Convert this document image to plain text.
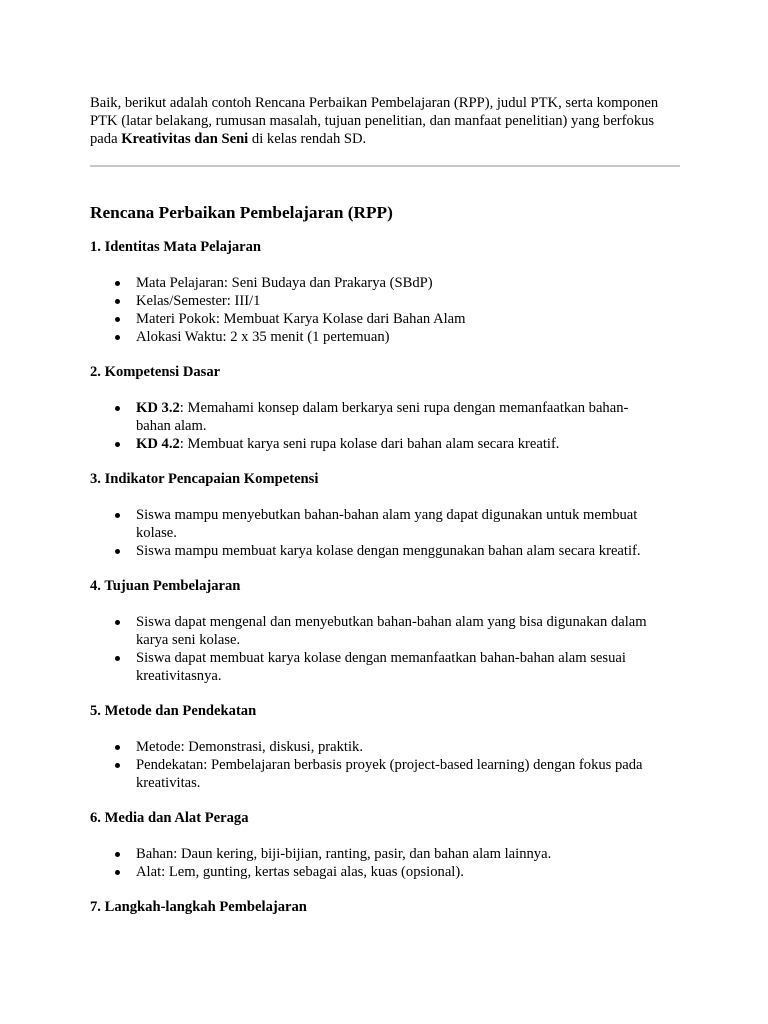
Baik, berikut adalah contoh Rencana Perbaikan Pembelajaran (RPP), judul PTK, serta komponen PTK (latar belakang, rumusan masalah, tujuan penelitian, dan manfaat penelitian) yang berfokus pada Kreativitas dan Seni di kelas rendah SD.

Rencana Perbaikan Pembelajaran (RPP)
1. Identitas Mata Pelajaran
Mata Pelajaran: Seni Budaya dan Prakarya (SBdP)
Kelas/Semester: III/1
Materi Pokok: Membuat Karya Kolase dari Bahan Alam
Alokasi Waktu: 2 x 35 menit (1 pertemuan)
2. Kompetensi Dasar
KD 3.2: Memahami konsep dalam berkarya seni rupa dengan memanfaatkan bahan-bahan alam.
KD 4.2: Membuat karya seni rupa kolase dari bahan alam secara kreatif.
3. Indikator Pencapaian Kompetensi
Siswa mampu menyebutkan bahan-bahan alam yang dapat digunakan untuk membuat kolase.
Siswa mampu membuat karya kolase dengan menggunakan bahan alam secara kreatif.
4. Tujuan Pembelajaran
Siswa dapat mengenal dan menyebutkan bahan-bahan alam yang bisa digunakan dalam karya seni kolase.
Siswa dapat membuat karya kolase dengan memanfaatkan bahan-bahan alam sesuai kreativitasnya.
5. Metode dan Pendekatan
Metode: Demonstrasi, diskusi, praktik.
Pendekatan: Pembelajaran berbasis proyek (project-based learning) dengan fokus pada kreativitas.
6. Media dan Alat Peraga
Bahan: Daun kering, biji-bijian, ranting, pasir, dan bahan alam lainnya.
Alat: Lem, gunting, kertas sebagai alas, kuas (opsional).
7. Langkah-langkah Pembelajaran
